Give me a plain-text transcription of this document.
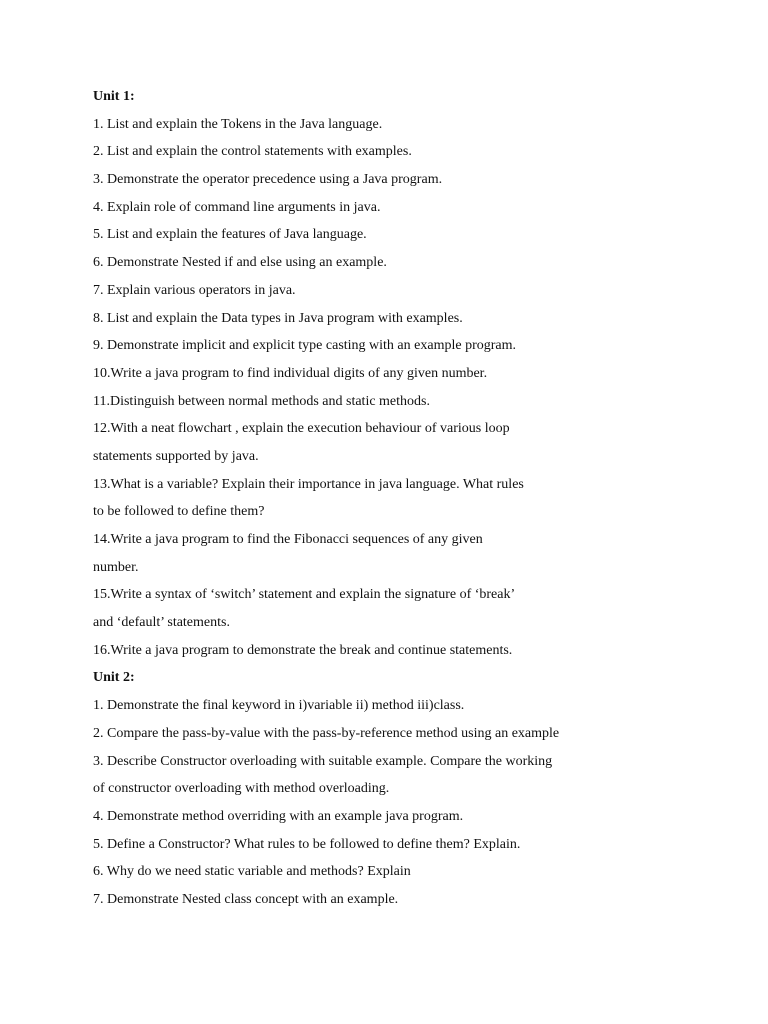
Unit 1:
1. List and explain the Tokens in the Java language.
2. List and explain the control statements with examples.
3. Demonstrate the operator precedence using a Java program.
4. Explain role of command line arguments in java.
5. List and explain the features of Java language.
6. Demonstrate Nested if and else using an example.
7. Explain various operators in java.
8. List and explain the Data types in Java program with examples.
9. Demonstrate implicit and explicit type casting with an example program.
10.Write a java program to find individual digits of any given number.
11.Distinguish between normal methods and static methods.
12.With a neat flowchart , explain the execution behaviour of various loop
statements supported by java.
13.What is a variable? Explain their importance in java language. What rules
to be followed to define them?
14.Write a java program to find the Fibonacci sequences of any given
number.
15.Write a syntax of ‘switch’ statement and explain the signature of ‘break’
and ‘default’ statements.
16.Write a java program to demonstrate the break and continue statements.
Unit 2:
1. Demonstrate the final keyword in i)variable ii) method iii)class.
2. Compare the pass-by-value with the pass-by-reference method using an example
3. Describe Constructor overloading with suitable example. Compare the working
of constructor overloading with method overloading.
4. Demonstrate method overriding with an example java program.
5. Define a Constructor? What rules to be followed to define them? Explain.
6. Why do we need static variable and methods? Explain
7. Demonstrate Nested class concept with an example.
